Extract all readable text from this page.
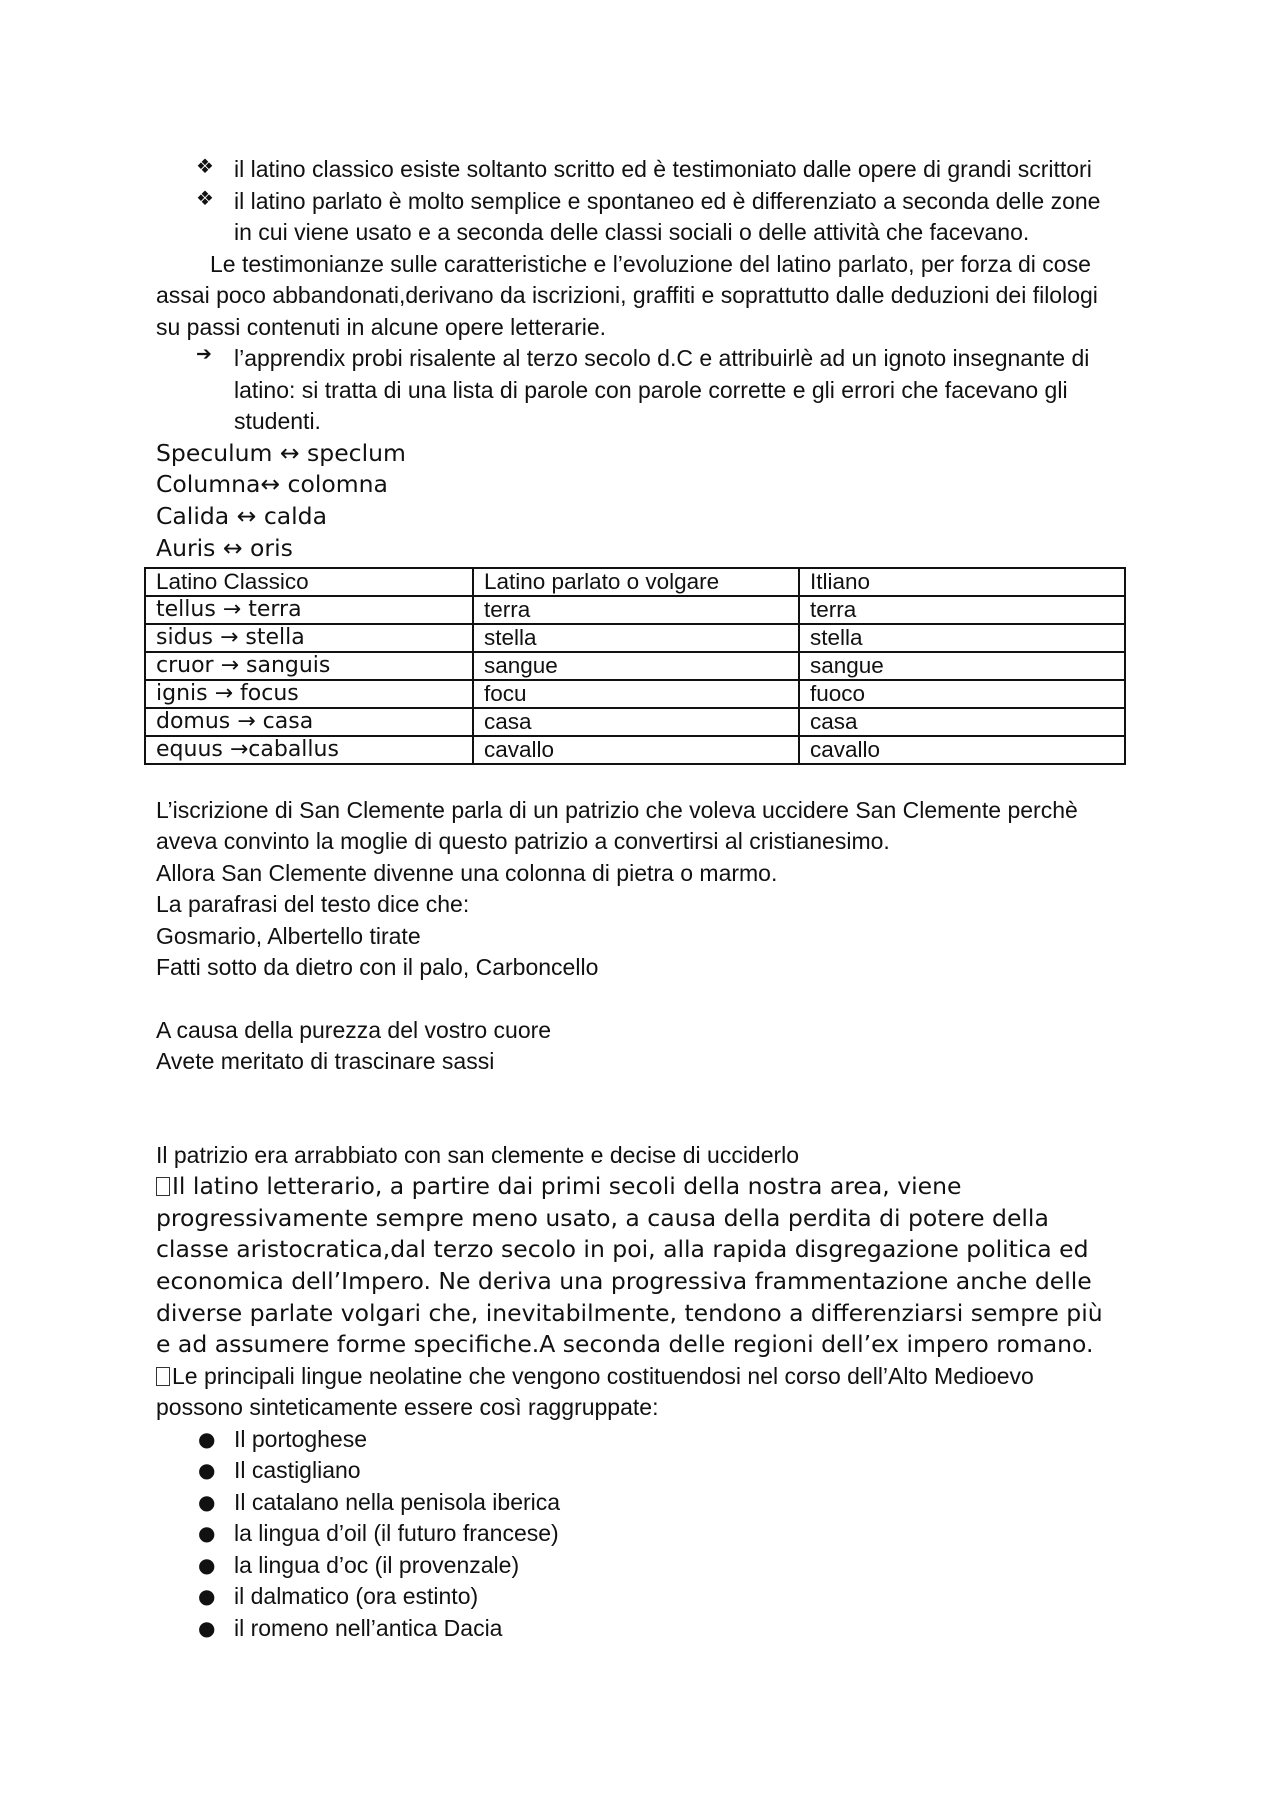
❖ il latino classico esiste soltanto scritto ed è testimoniato dalle opere di grandi scrittori

❖ il latino parlato è molto semplice e spontaneo ed è differenziato a seconda delle zone

in cui viene usato e a seconda delle classi sociali o delle attività che facevano.

Le testimonianze sulle caratteristiche e l’evoluzione del latino parlato, per forza di cose

assai poco abbandonati,derivano da iscrizioni, graffiti e soprattutto dalle deduzioni dei filologi

su passi contenuti in alcune opere letterarie.

➔ l’apprendix probi risalente al terzo secolo d.C e attribuirlè ad un ignoto insegnante di

latino: si tratta di una lista di parole con parole corrette e gli errori che facevano gli

studenti.

Speculum ↔ speclum

Columna↔ colomna

Calida ↔ calda

Auris ↔ oris

Latino Classico	Latino parlato o volgare	Itliano
tellus → terra	terra	terra
sidus → stella	stella	stella
cruor → sanguis	sangue	sangue
ignis → focus	focu	fuoco
domus → casa	casa	casa
equus →caballus	cavallo	cavallo

L’iscrizione di San Clemente parla di un patrizio che voleva uccidere San Clemente perchè

aveva convinto la moglie di questo patrizio a convertirsi al cristianesimo.

Allora San Clemente divenne una colonna di pietra o marmo.

La parafrasi del testo dice che:

Gosmario, Albertello tirate

Fatti sotto da dietro con il palo, Carboncello

A causa della purezza del vostro cuore

Avete meritato di trascinare sassi

Il patrizio era arrabbiato con san clemente e decise di ucciderlo

Il latino letterario, a partire dai primi secoli della nostra area, viene

progressivamente sempre meno usato, a causa della perdita di potere della

classe aristocratica,dal terzo secolo in poi, alla rapida disgregazione politica ed

economica dell’Impero. Ne deriva una progressiva frammentazione anche delle

diverse parlate volgari che, inevitabilmente, tendono a differenziarsi sempre più

e ad assumere forme specifiche.A seconda delle regioni dell’ex impero romano.

Le principali lingue neolatine che vengono costituendosi nel corso dell’Alto Medioevo

possono sinteticamente essere così raggruppate:

● Il portoghese

● Il castigliano

● Il catalano nella penisola iberica

● la lingua d’oil (il futuro francese)

● la lingua d’oc (il provenzale)

● il dalmatico (ora estinto)

● il romeno nell’antica Dacia
